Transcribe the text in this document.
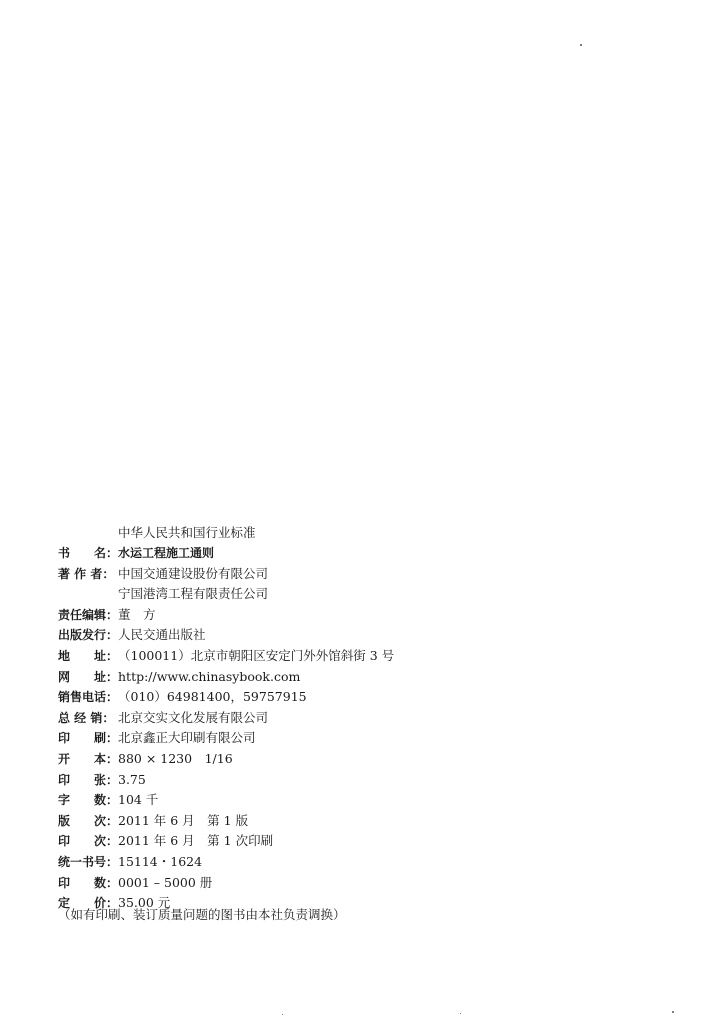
中华人民共和国行业标准
书　　名： 水运工程施工通则
著 作 者： 中国交通建设股份有限公司
宁国港湾工程有限责任公司
责任编辑： 董　方
出版发行： 人民交通出版社
地　　址： （100011）北京市朝阳区安定门外外馆斜街 3 号
网　　址： http://www.chinasybook.com
销售电话： （010）64981400，59757915
总 经 销： 北京交实文化发展有限公司
印　　刷： 北京鑫正大印刷有限公司
开　　本： 880 × 1230　1/16
印　　张： 3.75
字　　数： 104 千
版　　次： 2011 年 6 月　第 1 版
印　　次： 2011 年 6 月　第 1 次印刷
统一书号： 15114・1624
印　　数： 0001 – 5000 册
定　　价： 35.00 元
（如有印刷、装订质量问题的图书由本社负责调换）
